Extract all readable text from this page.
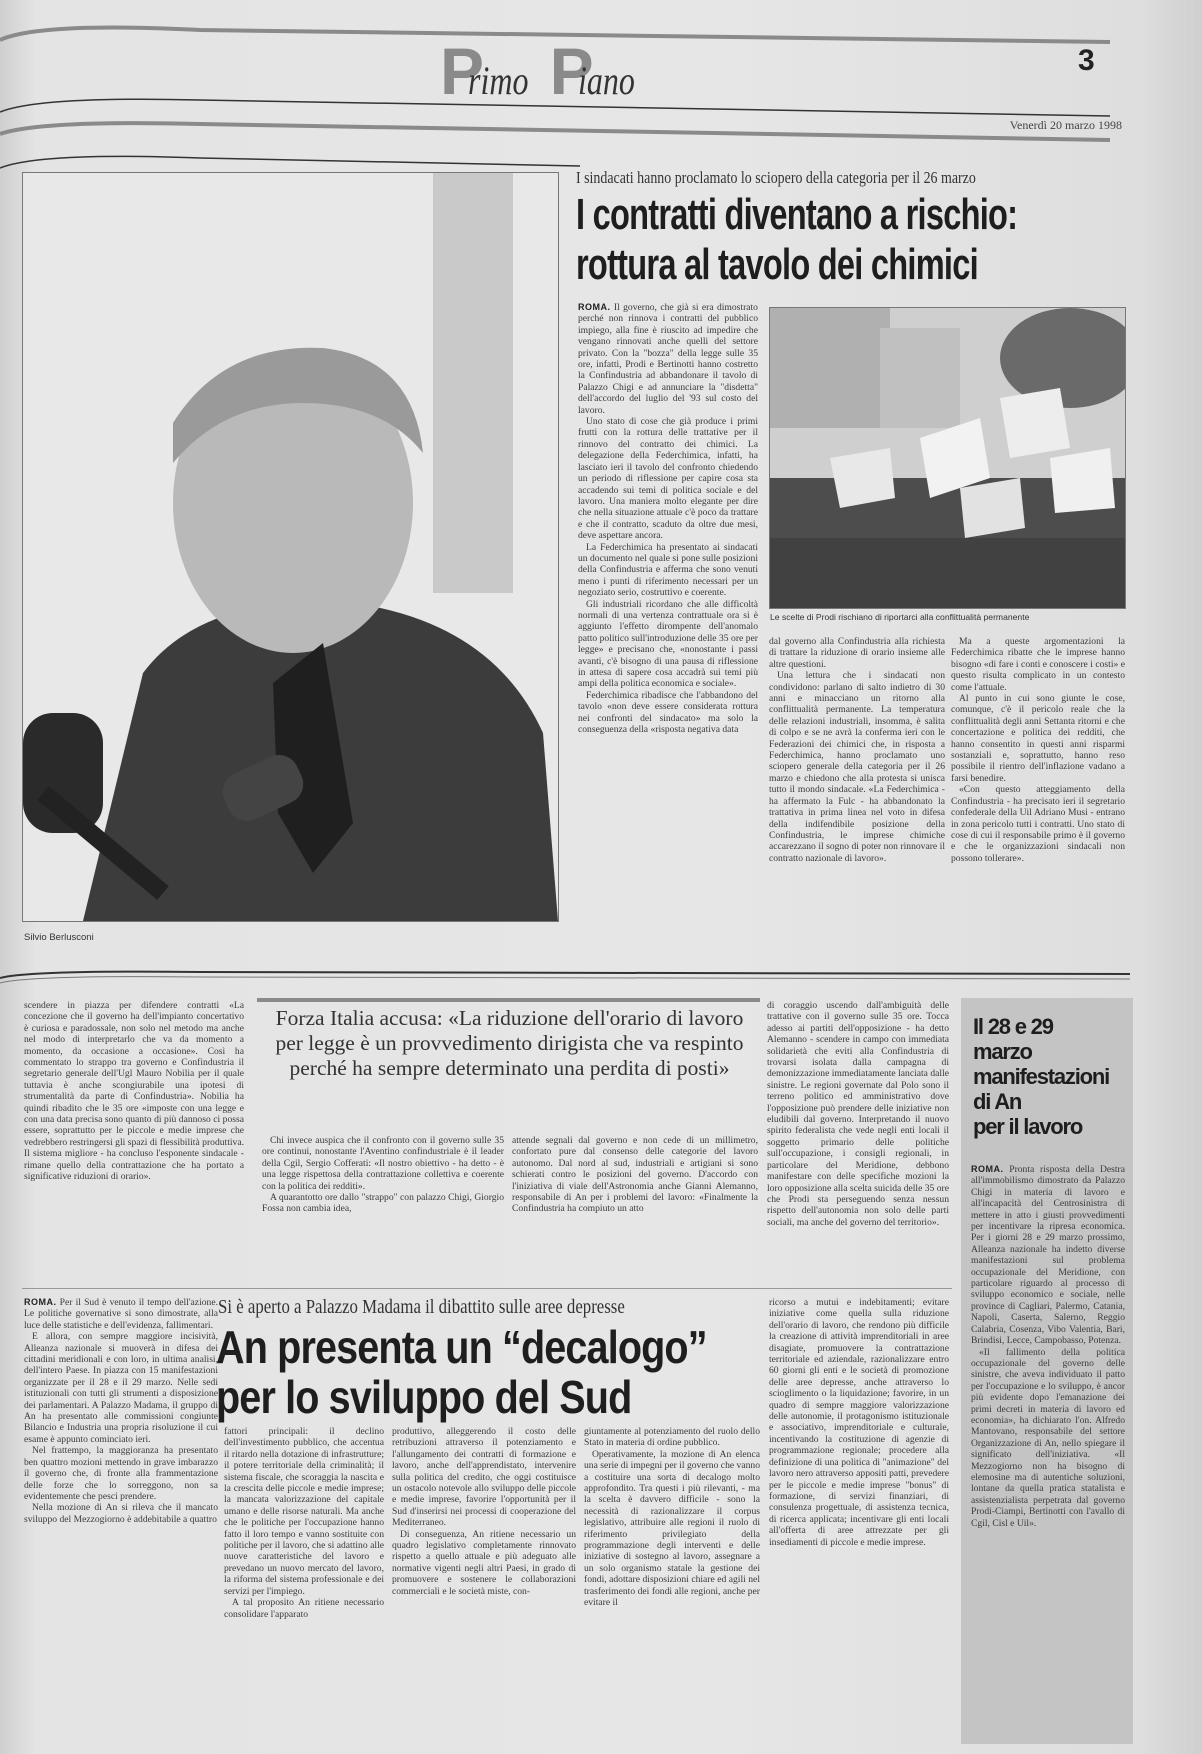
Primo Piano	3
Venerdì 20 marzo 1998
Silvio Berlusconi
I sindacati hanno proclamato lo sciopero della categoria per il 26 marzo
I contratti diventano a rischio:
rottura al tavolo dei chimici

ROMA. Il governo, che già si era dimostrato perché non rinnova i contratti del pubblico impiego, alla fine è riuscito ad impedire che vengano rinnovati anche quelli del settore privato. Con la "bozza" della legge sulle 35 ore, infatti, Prodi e Bertinotti hanno costretto la Confindustria ad abbandonare il tavolo di Palazzo Chigi e ad annunciare la "disdetta" dell'accordo del luglio del '93 sul costo del lavoro.

Uno stato di cose che già produce i primi frutti con la rottura delle trattative per il rinnovo del contratto dei chimici. La delegazione della Federchimica, infatti, ha lasciato ieri il tavolo del confronto chiedendo un periodo di riflessione per capire cosa sta accadendo sui temi di politica sociale e del lavoro. Una maniera molto elegante per dire che nella situazione attuale c'è poco da trattare e che il contratto, scaduto da oltre due mesi, deve aspettare ancora.

La Federchimica ha presentato ai sindacati un documento nel quale si pone sulle posizioni della Confindustria e afferma che sono venuti meno i punti di riferimento necessari per un negoziato serio, costruttivo e coerente.

Gli industriali ricordano che alle difficoltà normali di una vertenza contrattuale ora si è aggiunto l'effetto dirompente dell'anomalo patto politico sull'introduzione delle 35 ore per legge» e precisano che, «nonostante i passi avanti, c'è bisogno di una pausa di riflessione in attesa di sapere cosa accadrà sui temi più ampi della politica economica e sociale».

Federchimica ribadisce che l'abbandono del tavolo «non deve essere considerata rottura nei confronti del sindacato» ma solo la conseguenza della «risposta negativa data

Le scelte di Prodi rischiano di riportarci alla conflittualità permanente

dal governo alla Confindustria alla richiesta di trattare la riduzione di orario insieme alle altre questioni.

Una lettura che i sindacati non condividono: parlano di salto indietro di 30 anni e minacciano un ritorno alla conflittualità permanente. La temperatura delle relazioni industriali, insomma, è salita di colpo e se ne avrà la conferma ieri con le Federazioni dei chimici che, in risposta a Federchimica, hanno proclamato uno sciopero generale della categoria per il 26 marzo e chiedono che alla protesta si unisca tutto il mondo sindacale. «La Federchimica - ha affermato la Fulc - ha abbandonato la trattativa in prima linea nel voto in difesa della indifendibile posizione della Confindustria, le imprese chimiche accarezzano il sogno di poter non rinnovare il contratto nazionale di lavoro».

Ma a queste argomentazioni la Federchimica ribatte che le imprese hanno bisogno «di fare i conti e conoscere i costi» e questo risulta complicato in un contesto come l'attuale.

Al punto in cui sono giunte le cose, comunque, c'è il pericolo reale che la conflittualità degli anni Settanta ritorni e che concertazione e politica dei redditi, che hanno consentito in questi anni risparmi sostanziali e, soprattutto, hanno reso possibile il rientro dell'inflazione vadano a farsi benedire.

«Con questo atteggiamento della Confindustria - ha precisato ieri il segretario confederale della Uil Adriano Musi - entrano in zona pericolo tutti i contratti. Uno stato di cose di cui il responsabile primo è il governo e che le organizzazioni sindacali non possono tollerare».

scendere in piazza per difendere contratti «La concezione che il governo ha dell'impianto concertativo è curiosa e paradossale, non solo nel metodo ma anche nel modo di interpretarlo che va da momento a momento, da occasione a occasione». Così ha commentato lo strappo tra governo e Confindustria il segretario generale dell'Ugl Mauro Nobilia per il quale tuttavia è anche scongiurabile una ipotesi di strumentalità da parte di Confindustria». Nobilia ha quindi ribadito che le 35 ore «imposte con una legge e con una data precisa sono quanto di più dannoso ci possa essere, soprattutto per le piccole e medie imprese che vedrebbero restringersi gli spazi di flessibilità produttiva. Il sistema migliore - ha concluso l'esponente sindacale - rimane quello della contrattazione che ha portato a significative riduzioni di orario».

Forza Italia accusa: «La riduzione dell'orario di lavoro per legge è un provvedimento dirigista che va respinto perché ha sempre determinato una perdita di posti»

Chi invece auspica che il confronto con il governo sulle 35 ore continui, nonostante l'Aventino confindustriale è il leader della Cgil, Sergio Cofferati: «Il nostro obiettivo - ha detto - è una legge rispettosa della contrattazione collettiva e coerente con la politica dei redditi».

A quarantotto ore dallo "strappo" con palazzo Chigi, Giorgio Fossa non cambia idea,

attende segnali dal governo e non cede di un millimetro, confortato pure dal consenso delle categorie del lavoro autonomo. Dal nord al sud, industriali e artigiani si sono schierati contro le posizioni del governo. D'accordo con l'iniziativa di viale dell'Astronomia anche Gianni Alemanno, responsabile di An per i problemi del lavoro: «Finalmente la Confindustria ha compiuto un atto

di coraggio uscendo dall'ambiguità delle trattative con il governo sulle 35 ore. Tocca adesso ai partiti dell'opposizione - ha detto Alemanno - scendere in campo con immediata solidarietà che eviti alla Confindustria di trovarsi isolata dalla campagna di demonizzazione immediatamente lanciata dalle sinistre. Le regioni governate dal Polo sono il terreno politico ed amministrativo dove l'opposizione può prendere delle iniziative non eludibili dal governo. Interpretando il nuovo spirito federalista che vede negli enti locali il soggetto primario delle politiche sull'occupazione, i consigli regionali, in particolare del Meridione, debbono manifestare con delle specifiche mozioni la loro opposizione alla scelta suicida delle 35 ore che Prodi sta perseguendo senza nessun rispetto dell'autonomia non solo delle parti sociali, ma anche del governo del territorio».

Il 28 e 29
marzo
manifestazioni
di An
per il lavoro

ROMA. Pronta risposta della Destra all'immobilismo dimostrato da Palazzo Chigi in materia di lavoro e all'incapacità del Centrosinistra di mettere in atto i giusti provvedimenti per incentivare la ripresa economica. Per i giorni 28 e 29 marzo prossimo, Alleanza nazionale ha indetto diverse manifestazioni sul problema occupazionale del Meridione, con particolare riguardo al processo di sviluppo economico e sociale, nelle province di Cagliari, Palermo, Catania, Napoli, Caserta, Salerno, Reggio Calabria, Cosenza, Vibo Valentia, Bari, Brindisi, Lecce, Campobasso, Potenza.

«Il fallimento della politica occupazionale del governo delle sinistre, che aveva individuato il patto per l'occupazione e lo sviluppo, è ancor più evidente dopo l'emanazione dei primi decreti in materia di lavoro ed economia», ha dichiarato l'on. Alfredo Mantovano, responsabile del settore Organizzazione di An, nello spiegare il significato dell'iniziativa. «Il Mezzogiorno non ha bisogno di elemosine ma di autentiche soluzioni, lontane da quella pratica statalista e assistenzialista perpetrata dal governo Prodi-Ciampi, Bertinotti con l'avallo di Cgil, Cisl e Uil».

ROMA. Per il Sud è venuto il tempo dell'azione. Le politiche governative si sono dimostrate, alla luce delle statistiche e dell'evidenza, fallimentari.

E allora, con sempre maggiore incisività, Alleanza nazionale si muoverà in difesa dei cittadini meridionali e con loro, in ultima analisi, dell'intero Paese. In piazza con 15 manifestazioni organizzate per il 28 e il 29 marzo. Nelle sedi istituzionali con tutti gli strumenti a disposizione dei parlamentari. A Palazzo Madama, il gruppo di An ha presentato alle commissioni congiunte Bilancio e Industria una propria risoluzione il cui esame è appunto cominciato ieri.

Nel frattempo, la maggioranza ha presentato ben quattro mozioni mettendo in grave imbarazzo il governo che, di fronte alla frammentazione delle forze che lo sorreggono, non sa evidentemente che pesci prendere.

Nella mozione di An si rileva che il mancato sviluppo del Mezzogiorno è addebitabile a quattro

Si è aperto a Palazzo Madama il dibattito sulle aree depresse
An presenta un “decalogo”
per lo sviluppo del Sud

fattori principali: il declino dell'investimento pubblico, che accentua il ritardo nella dotazione di infrastrutture; il potere territoriale della criminalità; il sistema fiscale, che scoraggia la nascita e la crescita delle piccole e medie imprese; la mancata valorizzazione del capitale umano e delle risorse naturali. Ma anche che le politiche per l'occupazione hanno fatto il loro tempo e vanno sostituite con politiche per il lavoro, che si adattino alle nuove caratteristiche del lavoro e prevedano un nuovo mercato del lavoro, la riforma del sistema professionale e dei servizi per l'impiego.

A tal proposito An ritiene necessario consolidare l'apparato

produttivo, alleggerendo il costo delle retribuzioni attraverso il potenziamento e l'allungamento dei contratti di formazione e lavoro, anche dell'apprendistato, intervenire sulla politica del credito, che oggi costituisce un ostacolo notevole allo sviluppo delle piccole e medie imprese, favorire l'opportunità per il Sud d'inserirsi nei processi di cooperazione del Mediterraneo.

Di conseguenza, An ritiene necessario un quadro legislativo completamente rinnovato rispetto a quello attuale e più adeguato alle normative vigenti negli altri Paesi, in grado di promuovere e sostenere le collaborazioni commerciali e le società miste, con-

giuntamente al potenziamento del ruolo dello Stato in materia di ordine pubblico.

Operativamente, la mozione di An elenca una serie di impegni per il governo che vanno a costituire una sorta di decalogo molto approfondito. Tra questi i più rilevanti, - ma la scelta è davvero difficile - sono la necessità di razionalizzare il corpus legislativo, attribuire alle regioni il ruolo di riferimento privilegiato della programmazione degli interventi e delle iniziative di sostegno al lavoro, assegnare a un solo organismo statale la gestione dei fondi, adottare disposizioni chiare ed agili nel trasferimento dei fondi alle regioni, anche per evitare il

ricorso a mutui e indebitamenti; evitare iniziative come quella sulla riduzione dell'orario di lavoro, che rendono più difficile la creazione di attività imprenditoriali in aree disagiate, promuovere la contrattazione territoriale ed aziendale, razionalizzare entro 60 giorni gli enti e le società di promozione delle aree depresse, anche attraverso lo scioglimento o la liquidazione; favorire, in un quadro di sempre maggiore valorizzazione delle autonomie, il protagonismo istituzionale e associativo, imprenditoriale e culturale, incentivando la costituzione di agenzie di programmazione regionale; procedere alla definizione di una politica di "animazione" del lavoro nero attraverso appositi patti, prevedere per le piccole e medie imprese "bonus" di formazione, di servizi finanziari, di consulenza progettuale, di assistenza tecnica, di ricerca applicata; incentivare gli enti locali all'offerta di aree attrezzate per gli insediamenti di piccole e medie imprese.
